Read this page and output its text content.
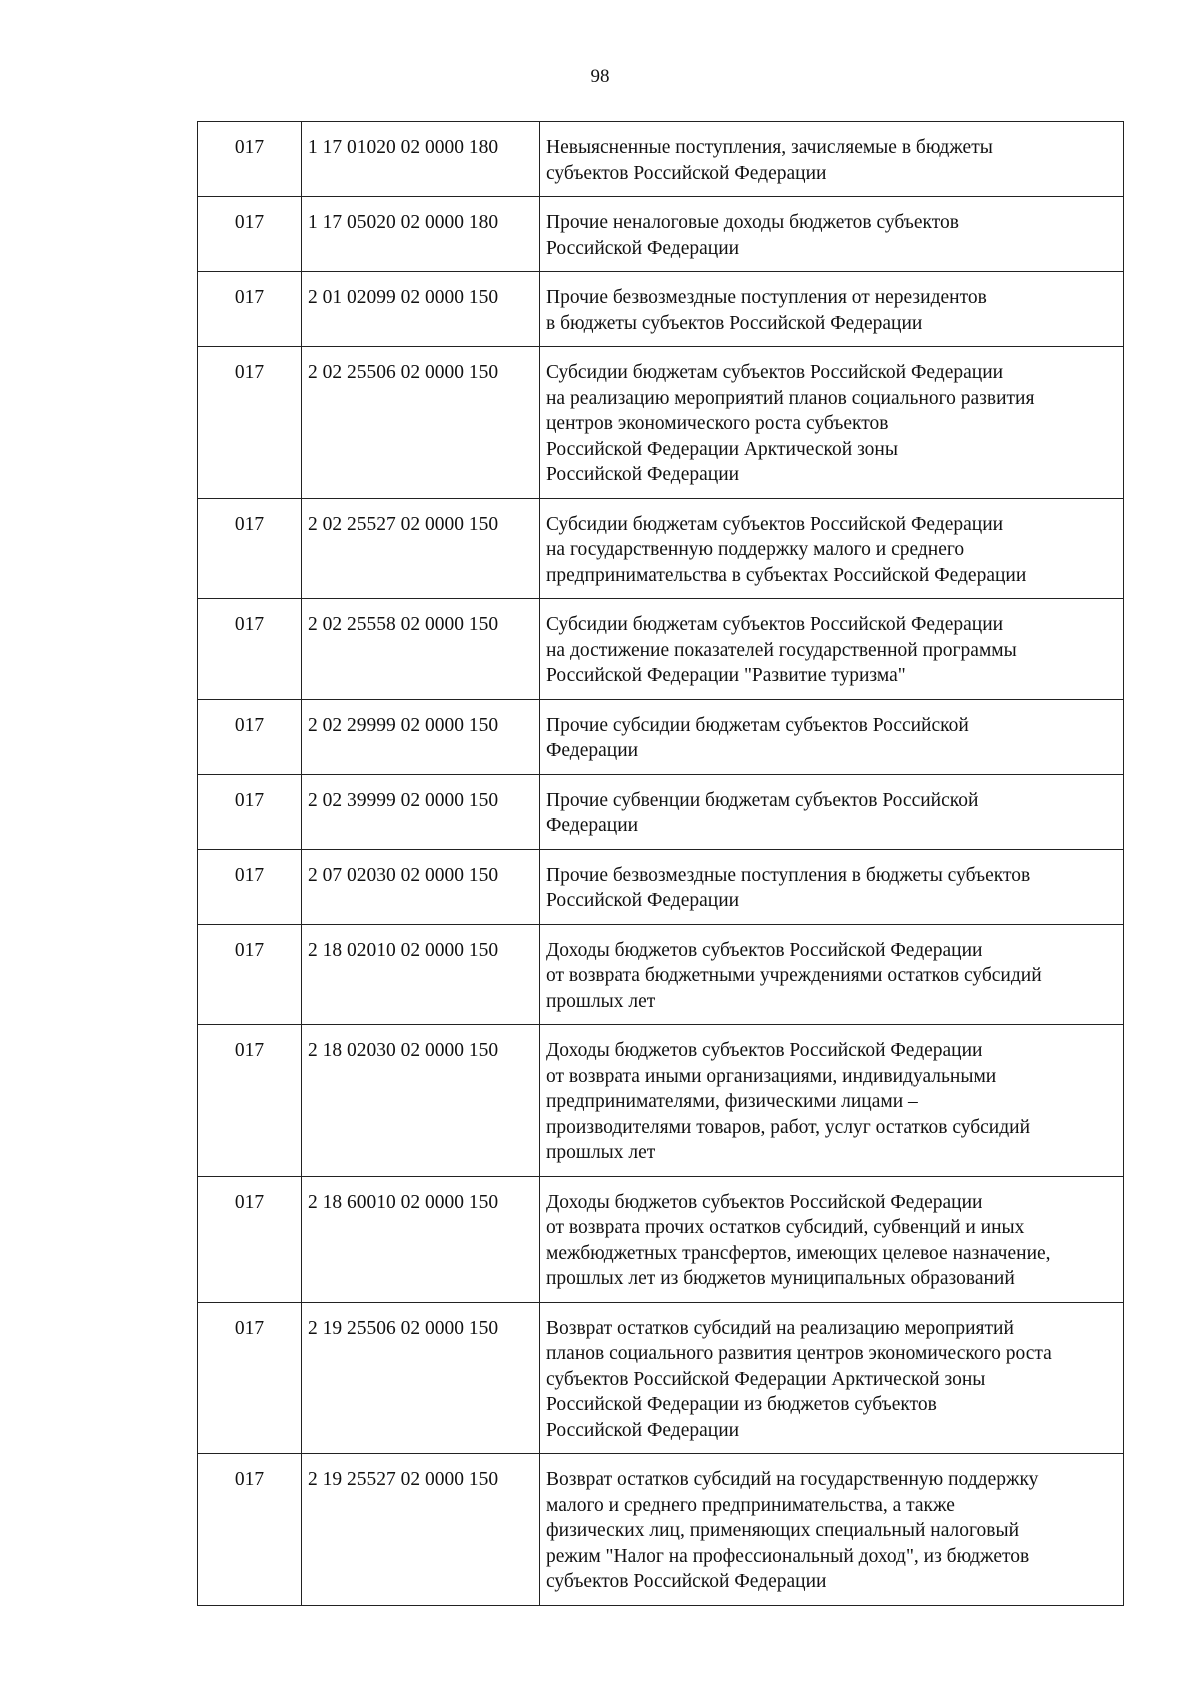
98
017	1 17 01020 02 0000 180	Невыясненные поступления, зачисляемые в бюджеты
субъектов Российской Федерации

017	1 17 05020 02 0000 180	Прочие неналоговые доходы бюджетов субъектов
Российской Федерации

017	2 01 02099 02 0000 150	Прочие безвозмездные поступления от нерезидентов
в бюджеты субъектов Российской Федерации

017	2 02 25506 02 0000 150	Субсидии бюджетам субъектов Российской Федерации
на реализацию мероприятий планов социального развития
центров экономического роста субъектов
Российской Федерации Арктической зоны
Российской Федерации

017	2 02 25527 02 0000 150	Субсидии бюджетам субъектов Российской Федерации
на государственную поддержку малого и среднего
предпринимательства в субъектах Российской Федерации

017	2 02 25558 02 0000 150	Субсидии бюджетам субъектов Российской Федерации
на достижение показателей государственной программы
Российской Федерации "Развитие туризма"

017	2 02 29999 02 0000 150	Прочие субсидии бюджетам субъектов Российской
Федерации

017	2 02 39999 02 0000 150	Прочие субвенции бюджетам субъектов Российской
Федерации

017	2 07 02030 02 0000 150	Прочие безвозмездные поступления в бюджеты субъектов
Российской Федерации

017	2 18 02010 02 0000 150	Доходы бюджетов субъектов Российской Федерации
от возврата бюджетными учреждениями остатков субсидий
прошлых лет

017	2 18 02030 02 0000 150	Доходы бюджетов субъектов Российской Федерации
от возврата иными организациями, индивидуальными
предпринимателями, физическими лицами –
производителями товаров, работ, услуг остатков субсидий
прошлых лет

017	2 18 60010 02 0000 150	Доходы бюджетов субъектов Российской Федерации
от возврата прочих остатков субсидий, субвенций и иных
межбюджетных трансфертов, имеющих целевое назначение,
прошлых лет из бюджетов муниципальных образований

017	2 19 25506 02 0000 150	Возврат остатков субсидий на реализацию мероприятий
планов социального развития центров экономического роста
субъектов Российской Федерации Арктической зоны
Российской Федерации из бюджетов субъектов
Российской Федерации

017	2 19 25527 02 0000 150	Возврат остатков субсидий на государственную поддержку
малого и среднего предпринимательства, а также
физических лиц, применяющих специальный налоговый
режим "Налог на профессиональный доход", из бюджетов
субъектов Российской Федерации
